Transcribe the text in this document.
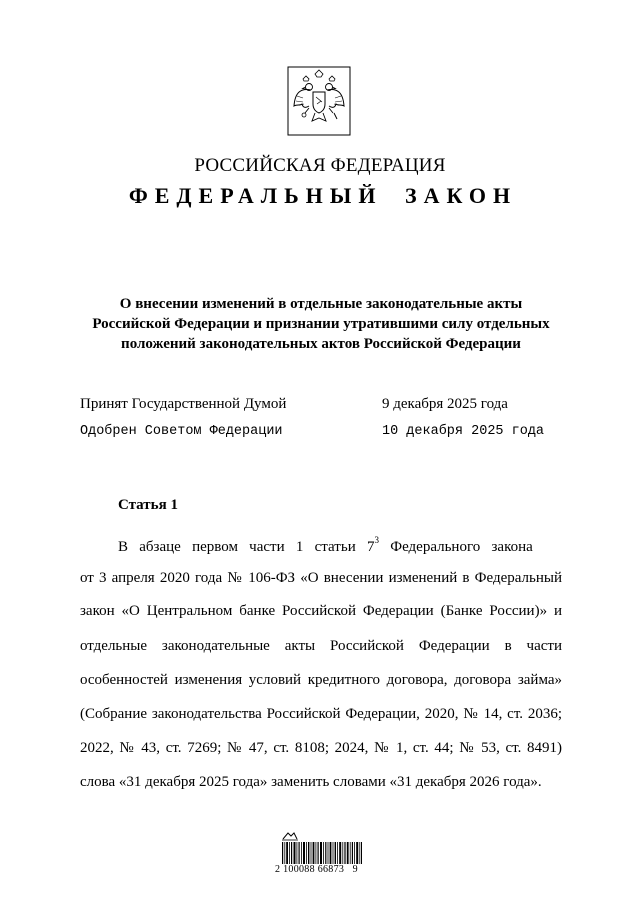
РОССИЙСКАЯ ФЕДЕРАЦИЯ
ФЕДЕРАЛЬНЫЙ ЗАКОН
О внесении изменений в отдельные законодательные акты
Российской Федерации и признании утратившими силу отдельных
положений законодательных актов Российской Федерации
Принят Государственной Думой	9 декабря 2025 года
Одобрен Советом Федерации	10 декабря 2025 года
Статья 1
В   абзаце   первом   части   1   статьи   $7^3$   Федерального   закона
от 3 апреля 2020 года № 106-ФЗ «О внесении изменений в Федеральный
закон «О Центральном банке Российской Федерации (Банке России)» и
отдельные законодательные акты Российской Федерации в части
особенностей изменения условий кредитного договора, договора займа»
(Собрание законодательства Российской Федерации, 2020, № 14, ст. 2036;
2022, № 43, ст. 7269; № 47, ст. 8108; 2024, № 1, ст. 44; № 53, ст. 8491)
слова «31 декабря 2025 года» заменить словами «31 декабря 2026 года».
2 100088 66873   9
